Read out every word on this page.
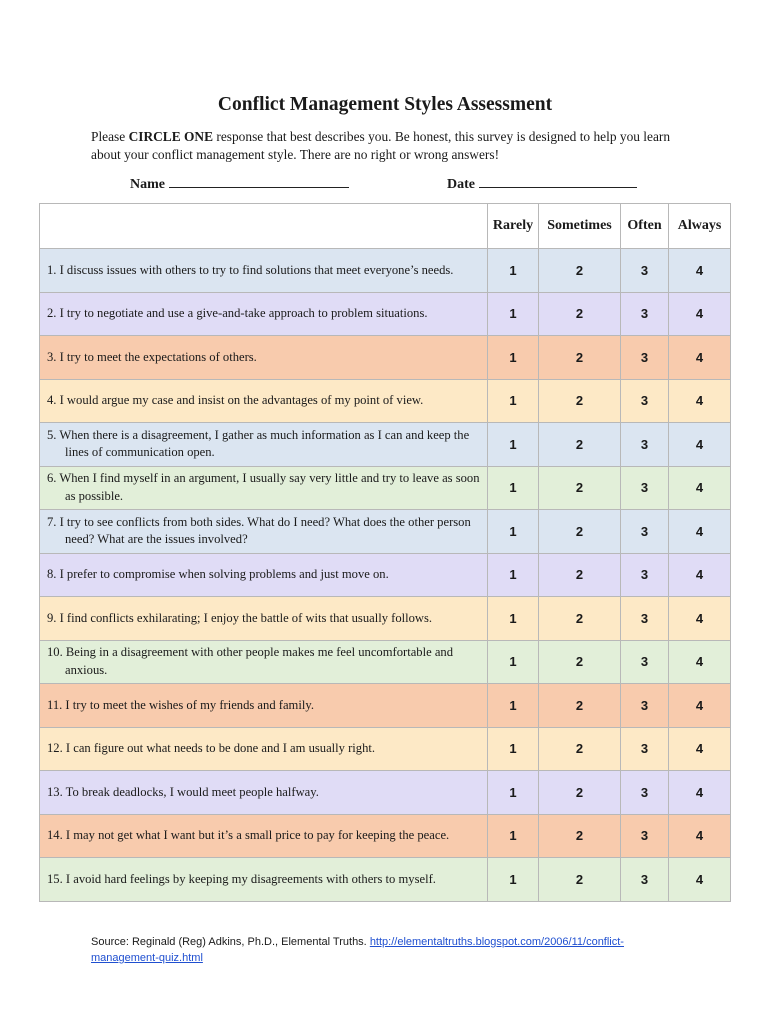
Conflict Management Styles Assessment

Please CIRCLE ONE response that best describes you. Be honest, this survey is designed to help you learn about your conflict management style. There are no right or wrong answers!

Name	Date
	Rarely	Sometimes	Often	Always

1. I discuss issues with others to try to find solutions that meet everyone’s needs.	1	2	3	4

2. I try to negotiate and use a give-and-take approach to problem situations.	1	2	3	4

3. I try to meet the expectations of others.	1	2	3	4

4. I would argue my case and insist on the advantages of my point of view.	1	2	3	4

5. When there is a disagreement, I gather as much information as I can and keep the lines of communication open.	1	2	3	4

6. When I find myself in an argument, I usually say very little and try to leave as soon as possible.	1	2	3	4

7. I try to see conflicts from both sides. What do I need? What does the other person need? What are the issues involved?	1	2	3	4

8. I prefer to compromise when solving problems and just move on.	1	2	3	4

9. I find conflicts exhilarating; I enjoy the battle of wits that usually follows.	1	2	3	4

10. Being in a disagreement with other people makes me feel uncomfortable and anxious.	1	2	3	4

11. I try to meet the wishes of my friends and family.	1	2	3	4

12. I can figure out what needs to be done and I am usually right.	1	2	3	4

13. To break deadlocks, I would meet people halfway.	1	2	3	4

14. I may not get what I want but it’s a small price to pay for keeping the peace.	1	2	3	4

15. I avoid hard feelings by keeping my disagreements with others to myself.	1	2	3	4

Source: Reginald (Reg) Adkins, Ph.D., Elemental Truths. http://elementaltruths.blogspot.com/2006/11/conflict-management-quiz.html
